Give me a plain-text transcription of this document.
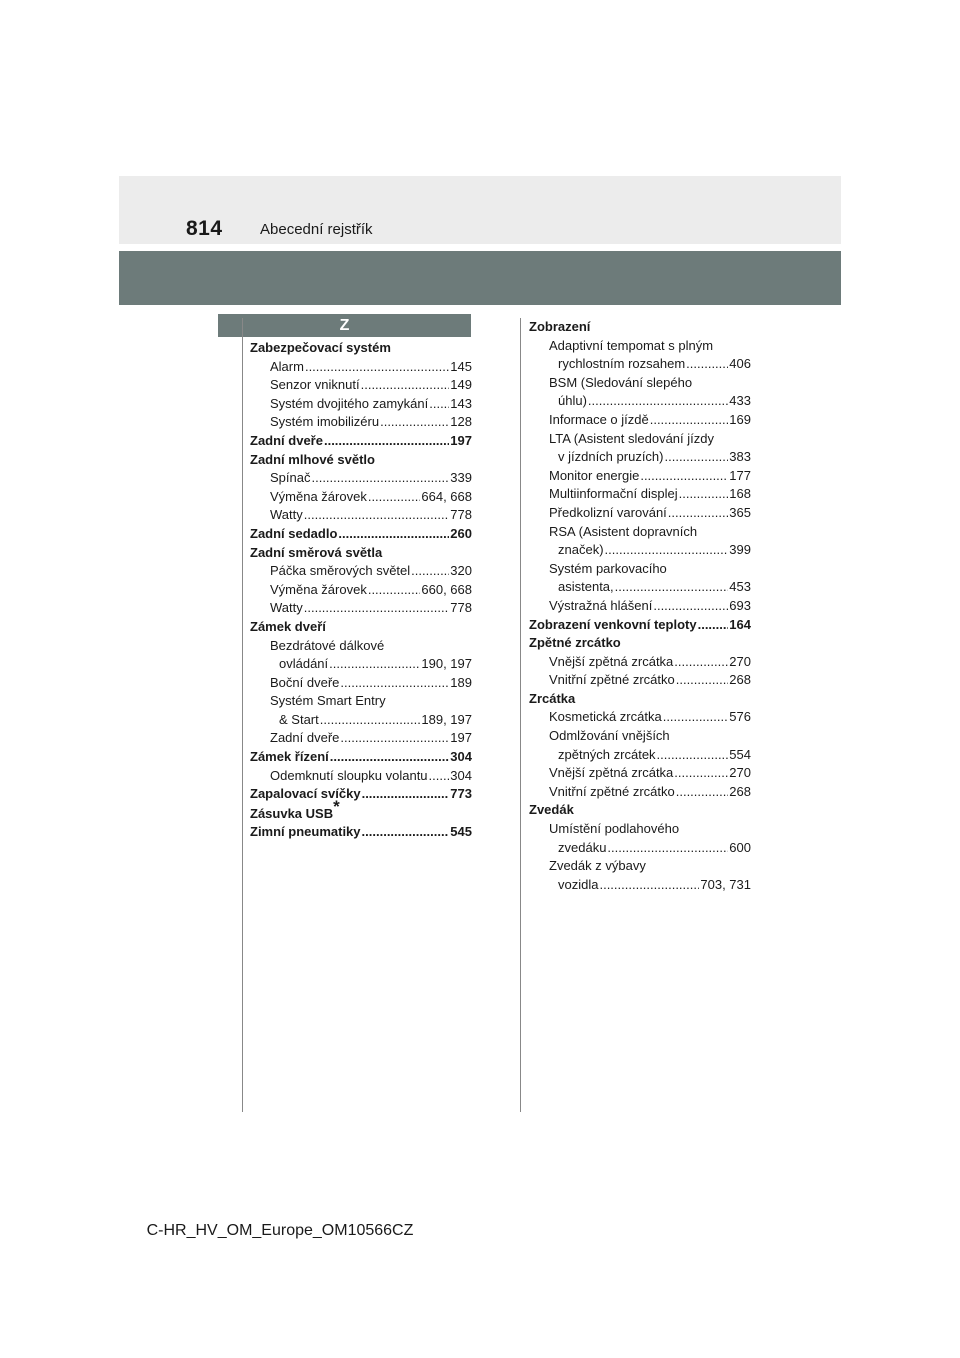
814 Abecední rejstřík
Z
Zabezpečovací systém
Alarm .....	145
Senzor vniknutí .....	149
Systém dvojitého zamykání ..... 143
Systém imobilizéru .....	128
Zadní dveře .....	197
Zadní mlhové světlo
Spínač .....	339
Výměna žárovek .....	664, 668
Watty .....	778
Zadní sedadlo .....	260
Zadní směrová světla
Páčka směrových světel .....	320
Výměna žárovek .....	660, 668
Watty .....	778
Zámek dveří
Bezdrátové dálkové
ovládání .....	190, 197
Boční dveře .....	189
Systém Smart Entry
& Start .....	189, 197
Zadní dveře .....	197
Zámek řízení .....	304
Odemknutí sloupku volantu ..... 304
Zapalovací svíčky .....	773
Zásuvka USB *
Zimní pneumatiky .....	545
Zobrazení
Adaptivní tempomat s plným
rychlostním rozsahem .....	406
BSM (Sledování slepého
úhlu) .....	433
Informace o jízdě .....	169
LTA (Asistent sledování jízdy
v jízdních pruzích) .....	383
Monitor energie .....	177
Multiinformační displej .....	168
Předkolizní varování .....	365
RSA (Asistent dopravních
značek) .....	399
Systém parkovacího
asistenta, .....	453
Výstražná hlášení .....	693
Zobrazení venkovní teploty .....	164
Zpětné zrcátko
Vnější zpětná zrcátka .....	270
Vnitřní zpětné zrcátko .....	268
Zrcátka
Kosmetická zrcátka .....	576
Odmlžování vnějších
zpětných zrcátek .....	554
Vnější zpětná zrcátka .....	270
Vnitřní zpětné zrcátko .....	268
Zvedák
Umístění podlahového
zvedáku .....	600
Zvedák z výbavy
vozidla .....	703, 731
C-HR_HV_OM_Europe_OM10566CZ
